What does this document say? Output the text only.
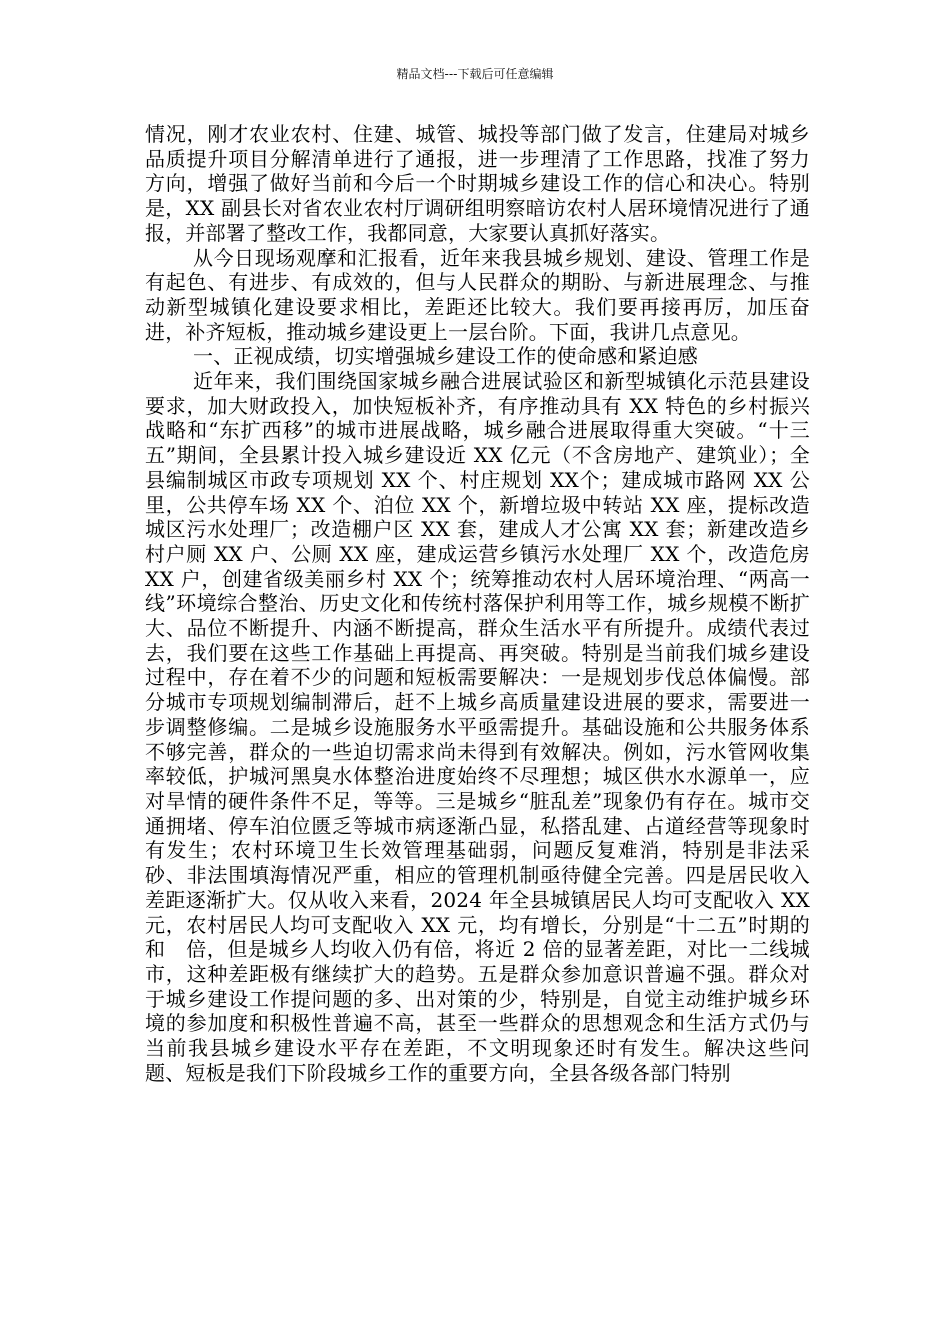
精品文档---下载后可任意编辑

情况，刚才农业农村、住建、城管、城投等部门做了发言，住建局对城乡品质提升项目分解清单进行了通报，进一步理清了工作思路，找准了努力方向，增强了做好当前和今后一个时期城乡建设工作的信心和决心。特别是，XX 副县长对省农业农村厅调研组明察暗访农村人居环境情况进行了通报，并部署了整改工作，我都同意，大家要认真抓好落实。

从今日现场观摩和汇报看，近年来我县城乡规划、建设、管理工作是有起色、有进步、有成效的，但与人民群众的期盼、与新进展理念、与推动新型城镇化建设要求相比，差距还比较大。我们要再接再厉，加压奋进，补齐短板，推动城乡建设更上一层台阶。下面，我讲几点意见。

一、正视成绩，切实增强城乡建设工作的使命感和紧迫感

近年来，我们围绕国家城乡融合进展试验区和新型城镇化示范县建设要求，加大财政投入，加快短板补齐，有序推动具有 XX 特色的乡村振兴战略和“东扩西移”的城市进展战略，城乡融合进展取得重大突破。“十三五”期间，全县累计投入城乡建设近 XX 亿元（不含房地产、建筑业）；全县编制城区市政专项规划 XX 个、村庄规划 XX个；建成城市路网 XX 公里，公共停车场 XX 个、泊位 XX 个，新增垃圾中转站 XX 座，提标改造城区污水处理厂；改造棚户区 XX 套，建成人才公寓 XX 套；新建改造乡村户厕 XX 户、公厕 XX 座，建成运营乡镇污水处理厂 XX 个，改造危房 XX 户，创建省级美丽乡村 XX 个；统筹推动农村人居环境治理、“两高一线”环境综合整治、历史文化和传统村落保护利用等工作，城乡规模不断扩大、品位不断提升、内涵不断提高，群众生活水平有所提升。成绩代表过去，我们要在这些工作基础上再提高、再突破。特别是当前我们城乡建设过程中，存在着不少的问题和短板需要解决：一是规划步伐总体偏慢。部分城市专项规划编制滞后，赶不上城乡高质量建设进展的要求，需要进一步调整修编。二是城乡设施服务水平亟需提升。基础设施和公共服务体系不够完善，群众的一些迫切需求尚未得到有效解决。例如，污水管网收集率较低，护城河黑臭水体整治进度始终不尽理想；城区供水水源单一，应对旱情的硬件条件不足，等等。三是城乡“脏乱差”现象仍有存在。城市交通拥堵、停车泊位匮乏等城市病逐渐凸显，私搭乱建、占道经营等现象时有发生；农村环境卫生长效管理基础弱，问题反复难消，特别是非法采砂、非法围填海情况严重，相应的管理机制亟待健全完善。四是居民收入差距逐渐扩大。仅从收入来看，2024 年全县城镇居民人均可支配收入 XX 元，农村居民人均可支配收入 XX 元，均有增长，分别是“十二五”时期的　和　倍，但是城乡人均收入仍有倍，将近 2 倍的显著差距，对比一二线城市，这种差距极有继续扩大的趋势。五是群众参加意识普遍不强。群众对于城乡建设工作提问题的多、出对策的少，特别是，自觉主动维护城乡环境的参加度和积极性普遍不高，甚至一些群众的思想观念和生活方式仍与当前我县城乡建设水平存在差距，不文明现象还时有发生。解决这些问题、短板是我们下阶段城乡工作的重要方向，全县各级各部门特别
